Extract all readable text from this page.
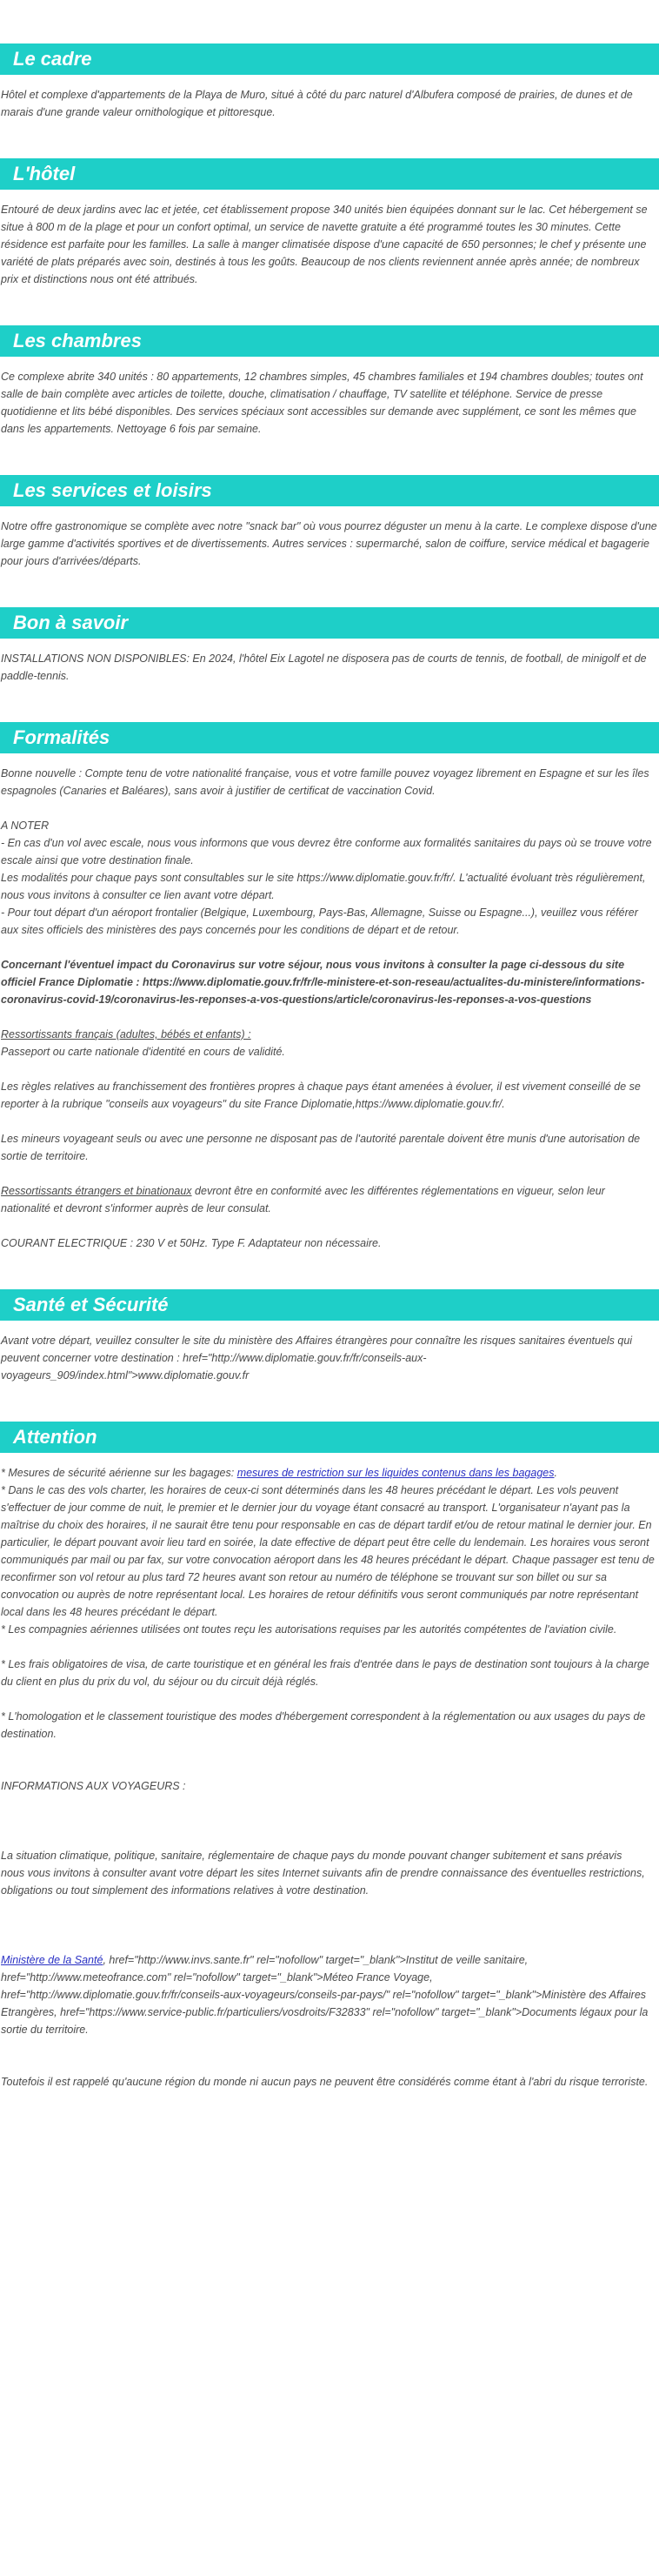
Le cadre

Hôtel et complexe d'appartements de la Playa de Muro, situé à côté du parc naturel d'Albufera composé de prairies, de dunes et de marais d'une grande valeur ornithologique et pittoresque.

L'hôtel

Entouré de deux jardins avec lac et jetée, cet établissement propose 340 unités bien équipées donnant sur le lac. Cet hébergement se situe à 800 m de la plage et pour un confort optimal, un service de navette gratuite a été programmé toutes les 30 minutes. Cette résidence est parfaite pour les familles. La salle à manger climatisée dispose d'une capacité de 650 personnes; le chef y présente une variété de plats préparés avec soin, destinés à tous les goûts. Beaucoup de nos clients reviennent année après année; de nombreux prix et distinctions nous ont été attribués.

Les chambres

Ce complexe abrite 340 unités : 80 appartements, 12 chambres simples, 45 chambres familiales et 194 chambres doubles; toutes ont salle de bain complète avec articles de toilette, douche, climatisation / chauffage, TV satellite et téléphone. Service de presse quotidienne et lits bébé disponibles. Des services spéciaux sont accessibles sur demande avec supplément, ce sont les mêmes que dans les appartements. Nettoyage 6 fois par semaine.

Les services et loisirs

Notre offre gastronomique se complète avec notre "snack bar" où vous pourrez déguster un menu à la carte. Le complexe dispose d'une large gamme d'activités sportives et de divertissements. Autres services : supermarché, salon de coiffure, service médical et bagagerie pour jours d'arrivées/départs.

Bon à savoir

INSTALLATIONS NON DISPONIBLES: En 2024, l'hôtel Eix Lagotel ne disposera pas de courts de tennis, de football, de minigolf et de paddle-tennis.

Formalités

Bonne nouvelle : Compte tenu de votre nationalité française, vous et votre famille pouvez voyagez librement en Espagne et sur les îles espagnoles (Canaries et Baléares), sans avoir à justifier de certificat de vaccination Covid.

A NOTER

- En cas d'un vol avec escale, nous vous informons que vous devrez être conforme aux formalités sanitaires du pays où se trouve votre escale ainsi que votre destination finale.

Les modalités pour chaque pays sont consultables sur le site https://www.diplomatie.gouv.fr/fr/. L'actualité évoluant très régulièrement, nous vous invitons à consulter ce lien avant votre départ.

- Pour tout départ d'un aéroport frontalier (Belgique, Luxembourg, Pays-Bas, Allemagne, Suisse ou Espagne...), veuillez vous référer aux sites officiels des ministères des pays concernés pour les conditions de départ et de retour.

Concernant l'éventuel impact du Coronavirus sur votre séjour, nous vous invitons à consulter la page ci-dessous du site officiel France Diplomatie : https://www.diplomatie.gouv.fr/fr/le-ministere-et-son-reseau/actualites-du-ministere/informations-coronavirus-covid-19/coronavirus-les-reponses-a-vos-questions/article/coronavirus-les-reponses-a-vos-questions

Ressortissants français (adultes, bébés et enfants) :

Passeport ou carte nationale d'identité en cours de validité.

Les règles relatives au franchissement des frontières propres à chaque pays étant amenées à évoluer, il est vivement conseillé de se reporter à la rubrique "conseils aux voyageurs" du site France Diplomatie,https://www.diplomatie.gouv.fr/.

Les mineurs voyageant seuls ou avec une personne ne disposant pas de l'autorité parentale doivent être munis d'une autorisation de sortie de territoire.

Ressortissants étrangers et binationaux devront être en conformité avec les différentes réglementations en vigueur, selon leur nationalité et devront s'informer auprès de leur consulat.

COURANT ELECTRIQUE : 230 V et 50Hz. Type F. Adaptateur non nécessaire.

Santé et Sécurité

Avant votre départ, veuillez consulter le site du ministère des Affaires étrangères pour connaître les risques sanitaires éventuels qui peuvent concerner votre destination : href="http://www.diplomatie.gouv.fr/fr/conseils-aux-voyageurs_909/index.html">www.diplomatie.gouv.fr

Attention

* Mesures de sécurité aérienne sur les bagages: mesures de restriction sur les liquides contenus dans les bagages.

* Dans le cas des vols charter, les horaires de ceux-ci sont déterminés dans les 48 heures précédant le départ. Les vols peuvent s'effectuer de jour comme de nuit, le premier et le dernier jour du voyage étant consacré au transport. L'organisateur n'ayant pas la maîtrise du choix des horaires, il ne saurait être tenu pour responsable en cas de départ tardif et/ou de retour matinal le dernier jour. En particulier, le départ pouvant avoir lieu tard en soirée, la date effective de départ peut être celle du lendemain. Les horaires vous seront communiqués par mail ou par fax, sur votre convocation aéroport dans les 48 heures précédant le départ. Chaque passager est tenu de reconfirmer son vol retour au plus tard 72 heures avant son retour au numéro de téléphone se trouvant sur son billet ou sur sa convocation ou auprès de notre représentant local. Les horaires de retour définitifs vous seront communiqués par notre représentant local dans les 48 heures précédant le départ.

* Les compagnies aériennes utilisées ont toutes reçu les autorisations requises par les autorités compétentes de l'aviation civile.

* Les frais obligatoires de visa, de carte touristique et en général les frais d'entrée dans le pays de destination sont toujours à la charge du client en plus du prix du vol, du séjour ou du circuit déjà réglés.

* L'homologation et le classement touristique des modes d'hébergement correspondent à la réglementation ou aux usages du pays de destination.

INFORMATIONS AUX VOYAGEURS :

La situation climatique, politique, sanitaire, réglementaire de chaque pays du monde pouvant changer subitement et sans préavis

nous vous invitons à consulter avant votre départ les sites Internet suivants afin de prendre connaissance des éventuelles restrictions, obligations ou tout simplement des informations relatives à votre destination.

Ministère de la Santé, href="http://www.invs.sante.fr" rel="nofollow" target="_blank">Institut de veille sanitaire, href="http://www.meteofrance.com" rel="nofollow" target="_blank">Méteo France Voyage, href="http://www.diplomatie.gouv.fr/fr/conseils-aux-voyageurs/conseils-par-pays/" rel="nofollow" target="_blank">Ministère des Affaires Etrangères, href="https://www.service-public.fr/particuliers/vosdroits/F32833" rel="nofollow" target="_blank">Documents légaux pour la sortie du territoire.

Toutefois il est rappelé qu'aucune région du monde ni aucun pays ne peuvent être considérés comme étant à l'abri du risque terroriste.
